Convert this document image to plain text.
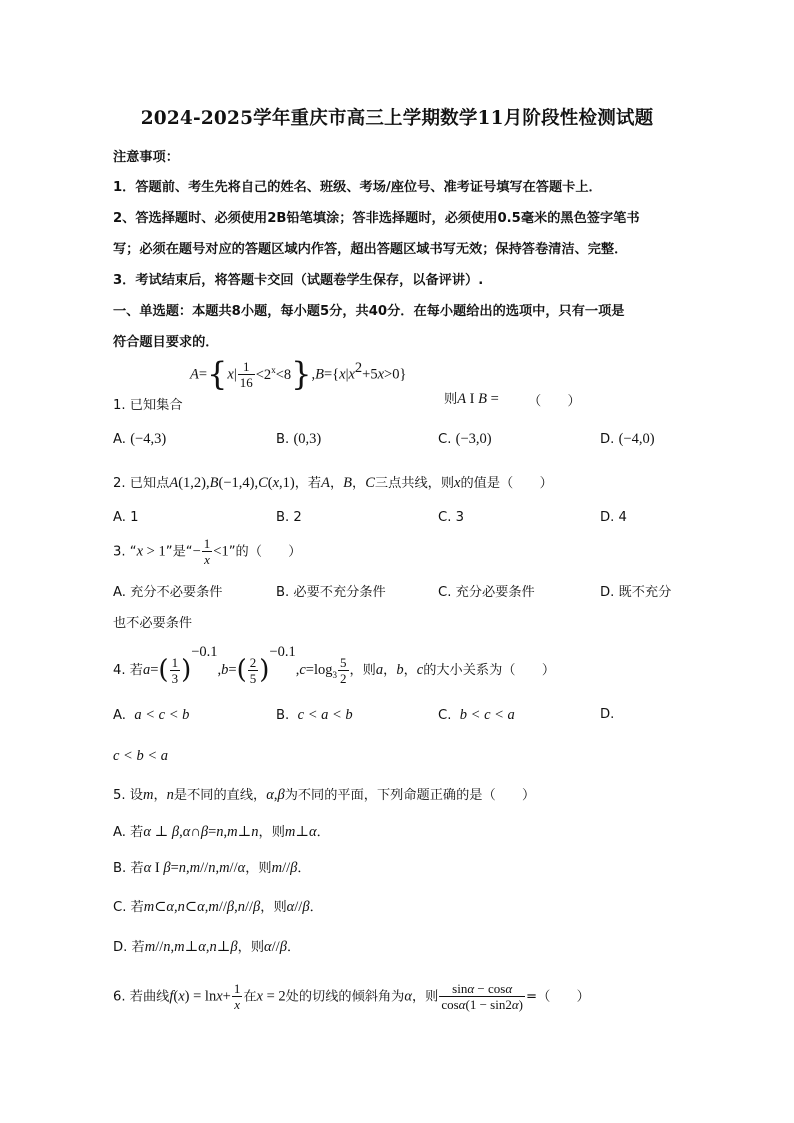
2024-2025学年重庆市高三上学期数学11月阶段性检测试题
注意事项：
1．答题前、考生先将自己的姓名、班级、考场/座位号、准考证号填写在答题卡上．
2、答选择题时、必须使用2B铅笔填涂；答非选择题时，必须使用0.5毫米的黑色签字笔书
写；必须在题号对应的答题区域内作答，超出答题区域书写无效；保持答卷清洁、完整．
3．考试结束后，将答题卡交回（试题卷学生保存，以备评讲）.
一、单选题：本题共8小题，每小题5分，共40分．在每小题给出的选项中，只有一项是
符合题目要求的．
$A=\{x| \frac{1}{16} <2^x<8\},B=\{x|x^2+5x>0\}$
1. 已知集合	则A I B = （　　）
A. (−4,3)	B. (0,3)	C. (−3,0)	D. (−4,0)
2. 已知点A(1,2),B(−1,4),C(x,1)，若A，B，C三点共线，则x的值是（　　）
A. 1	B. 2	C. 3	D. 4
3. “x > 1”是“− $\frac{1}{x} <1$”的（　　）
A. 充分不必要条件	B. 必要不充分条件	C. 充分必要条件	D. 既不充分
也不必要条件
4. 若$a=( \frac{1}{3} )^{-0.1},b=( \frac{2}{5} )^{-0.1},c=\log_3 \frac{5}{2}$ ，则a，b，c的大小关系为（　　）
A. a < c < b	B. c < a < b	C. b < c < a	D.
c < b < a
5. 设m，n是不同的直线，α,β为不同的平面，下列命题正确的是（　　）
A. 若α ⊥ β,α∩β=n,m⊥n，则m⊥α．
B. 若α I β=n,m//n,m//α，则m//β．
C. 若m⊂α,n⊂α,m//β,n//β，则α//β．
D. 若m//n,m⊥α,n⊥β，则α//β．
6. 若曲线$f(x) = \ln x+ \frac{1}{x}$ 在x = 2处的切线的倾斜角为α，则 $\frac{\sin\alpha - \cos\alpha}{\cos\alpha(1 - \sin 2\alpha)}$ =（　　）
